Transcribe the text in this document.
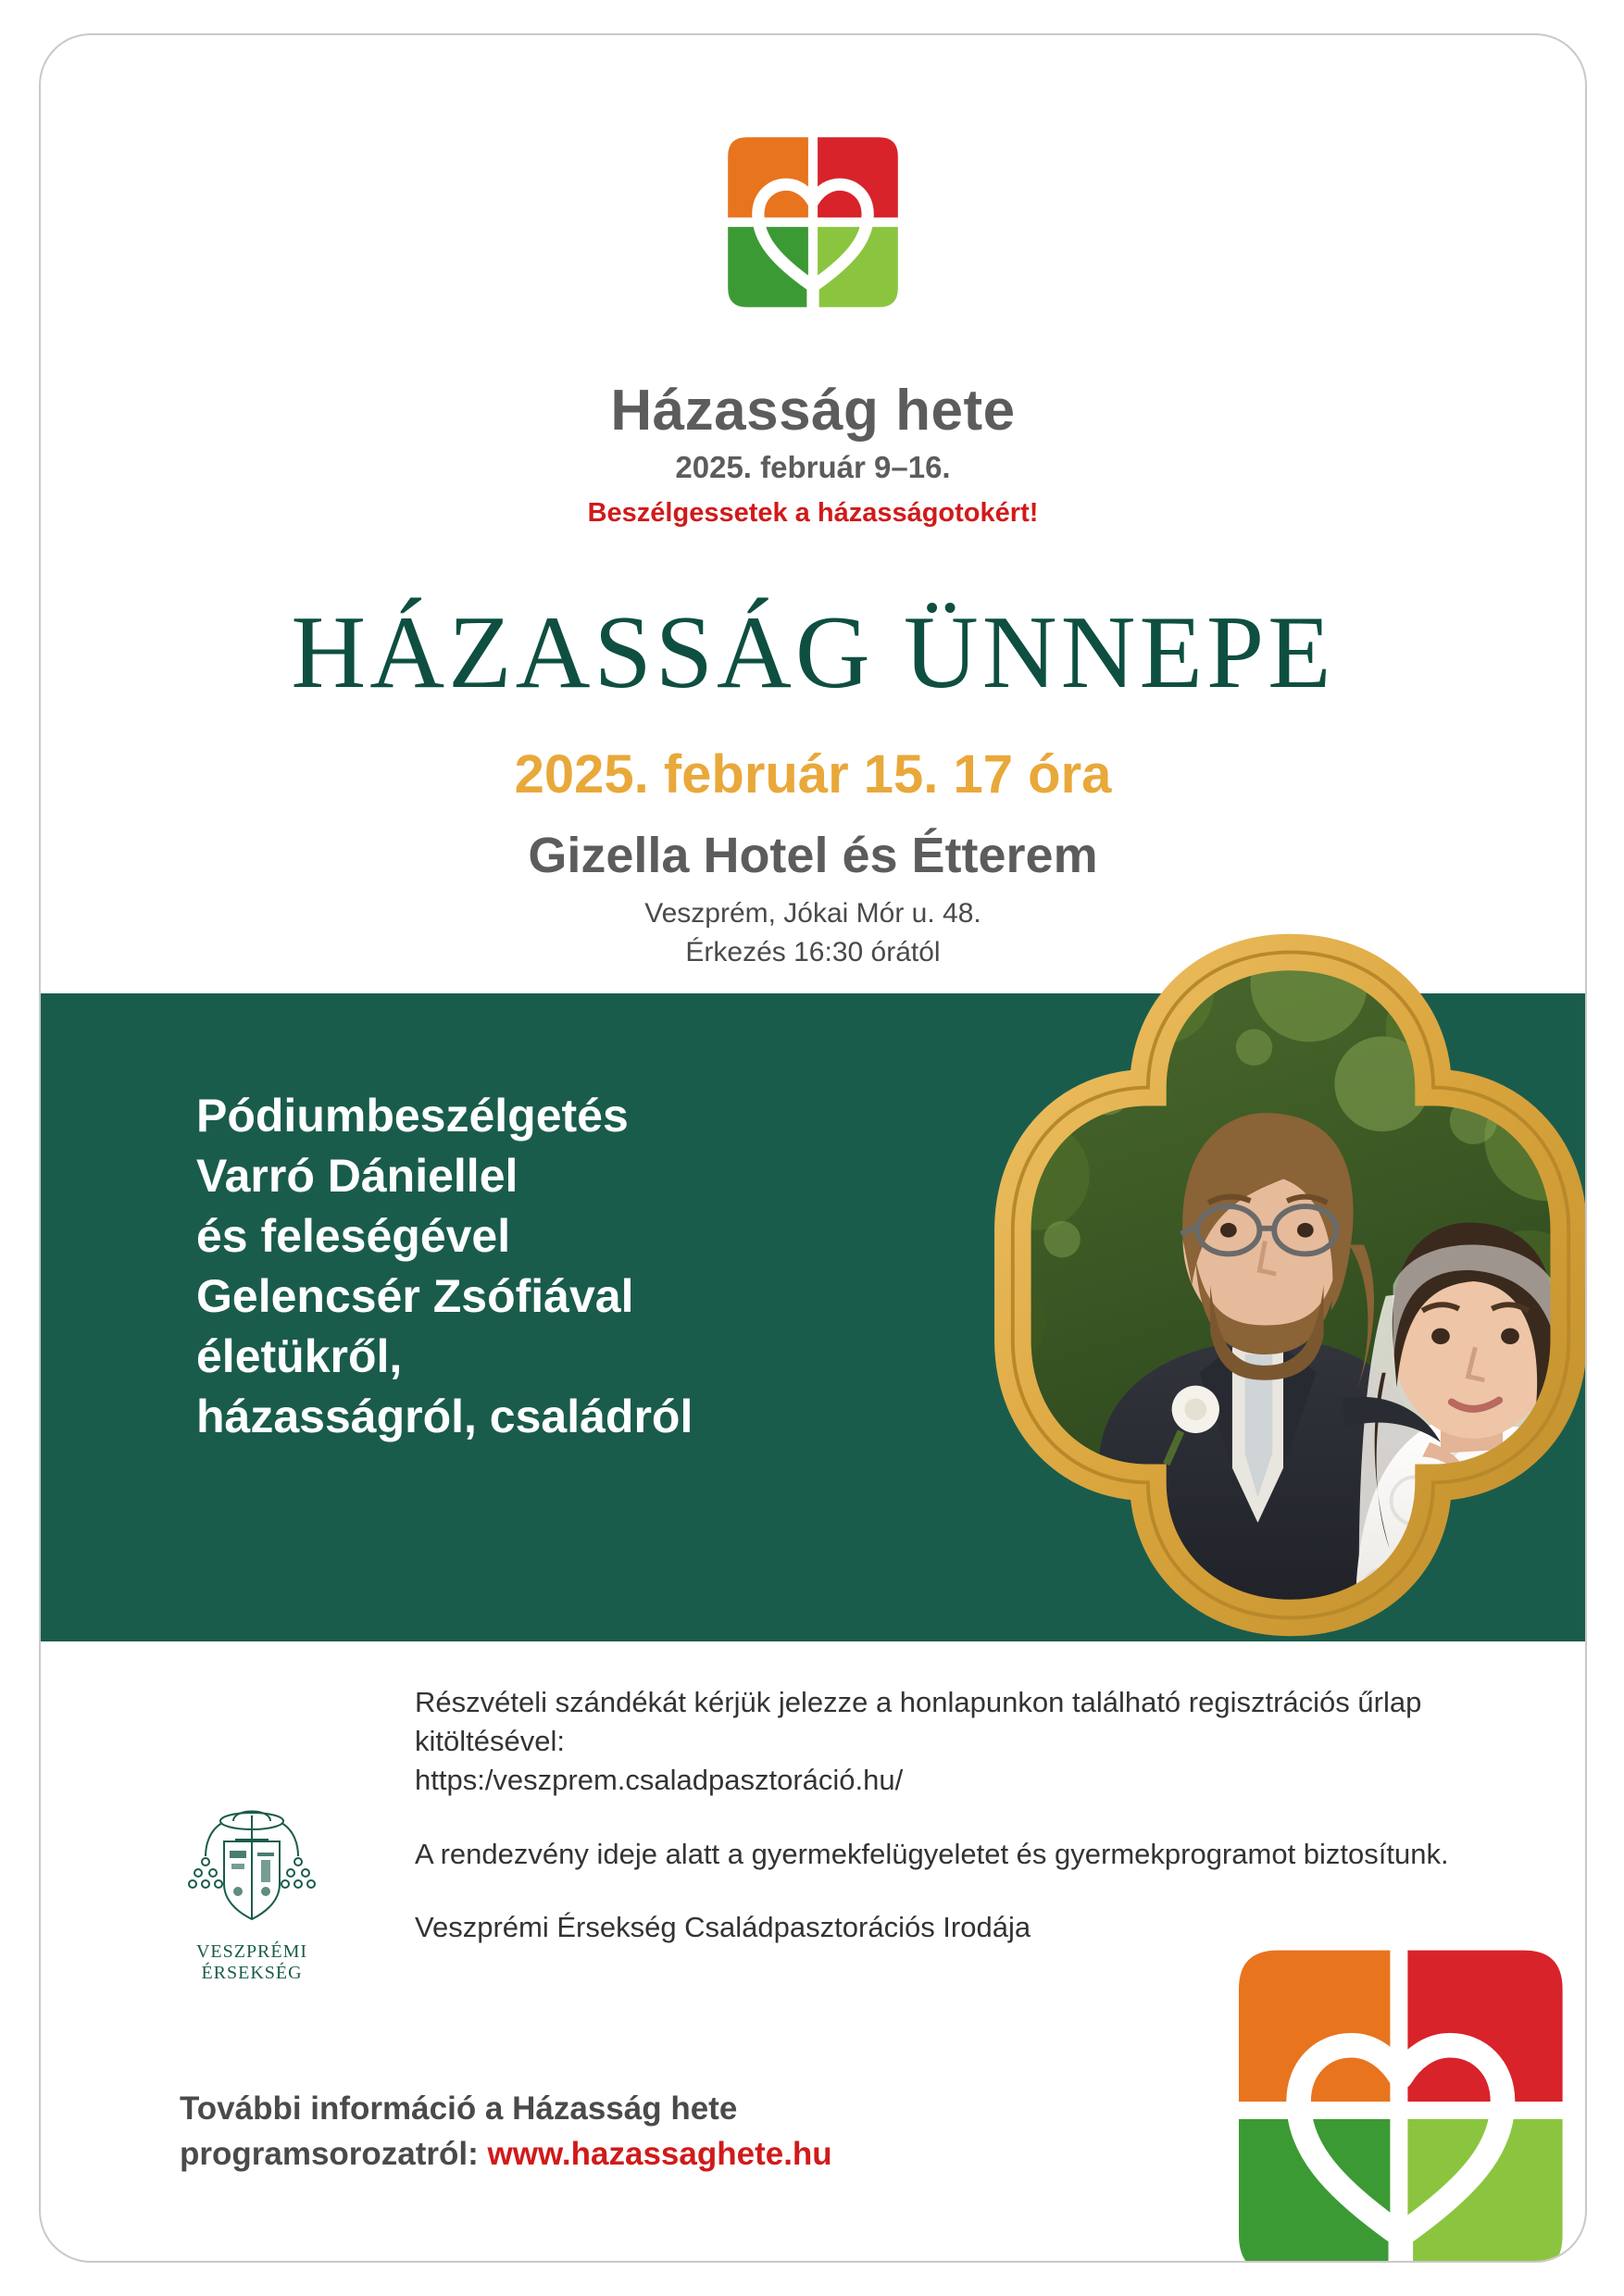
Házasság hete
2025. február 9–16.
Beszélgessetek a házasságotokért!
HÁZASSÁG ÜNNEPE
2025. február 15. 17 óra
Gizella Hotel és Étterem
Veszprém, Jókai Mór u. 48.
Érkezés 16:30 órától
Pódiumbeszélgetés
Varró Dániellel
és feleségével
Gelencsér Zsófiával
életükről,
házasságról, családról

Részvételi szándékát kérjük jelezze a honlapunkon található regisztrációs űrlap kitöltésével:
https:/veszprem.csaladpasztoráció.hu/

A rendezvény ideje alatt a gyermekfelügyeletet és gyermekprogramot biztosítunk.

Veszprémi Érsekség Családpasztorációs Irodája

VESZPRÉMI ÉRSEKSÉG
További információ a Házasság hete
programsorozatról: www.hazassaghete.hu
